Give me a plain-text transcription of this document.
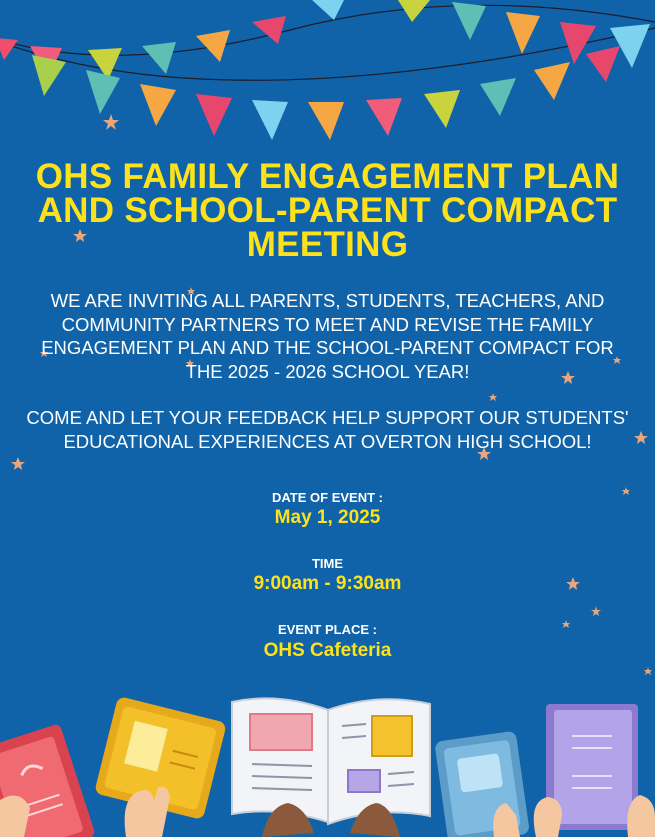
OHS FAMILY ENGAGEMENT PLAN AND SCHOOL-PARENT COMPACT MEETING

WE ARE INVITING ALL PARENTS, STUDENTS, TEACHERS, AND COMMUNITY PARTNERS TO MEET AND REVISE THE FAMILY ENGAGEMENT PLAN AND THE SCHOOL-PARENT COMPACT FOR THE 2025 - 2026 SCHOOL YEAR!

COME AND LET YOUR FEEDBACK HELP SUPPORT OUR STUDENTS' EDUCATIONAL EXPERIENCES AT OVERTON HIGH SCHOOL!

DATE OF EVENT :
May 1, 2025
TIME
9:00am - 9:30am
EVENT PLACE :
OHS Cafeteria
